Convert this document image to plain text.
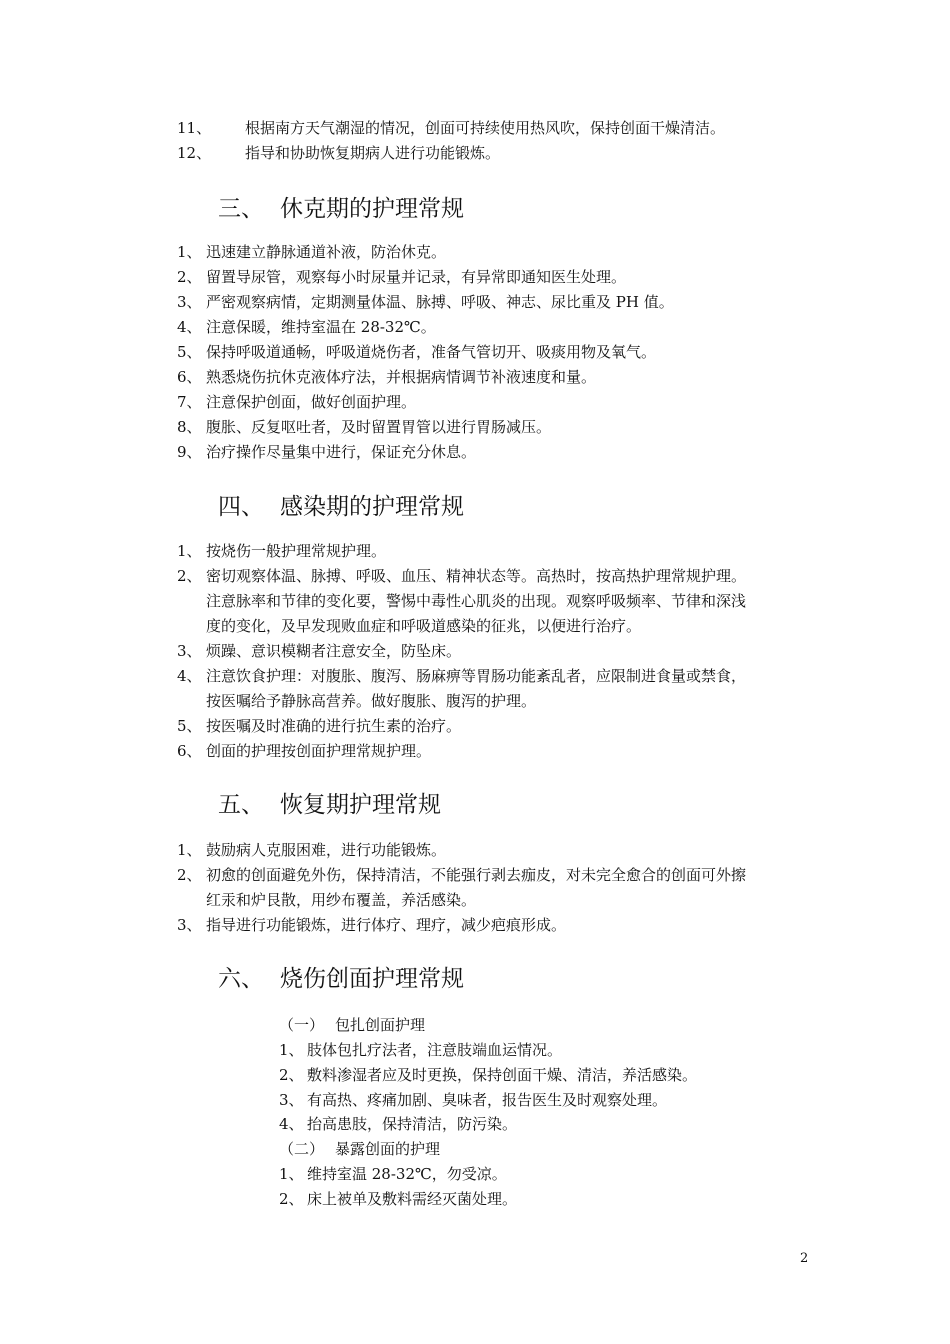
11、 根据南方天气潮湿的情况，创面可持续使用热风吹，保持创面干燥清洁。
12、 指导和协助恢复期病人进行功能锻炼。
三、 休克期的护理常规
1、 迅速建立静脉通道补液，防治休克。
2、 留置导尿管，观察每小时尿量并记录，有异常即通知医生处理。
3、 严密观察病情，定期测量体温、脉搏、呼吸、神志、尿比重及 PH 值。
4、 注意保暖，维持室温在 28-32℃。
5、 保持呼吸道通畅，呼吸道烧伤者，准备气管切开、吸痰用物及氧气。
6、 熟悉烧伤抗休克液体疗法，并根据病情调节补液速度和量。
7、 注意保护创面，做好创面护理。
8、 腹胀、反复呕吐者，及时留置胃管以进行胃肠减压。
9、 治疗操作尽量集中进行，保证充分休息。
四、 感染期的护理常规
1、 按烧伤一般护理常规护理。
2、 密切观察体温、脉搏、呼吸、血压、精神状态等。高热时，按高热护理常规护理。
注意脉率和节律的变化要，警惕中毒性心肌炎的出现。观察呼吸频率、节律和深浅
度的变化，及早发现败血症和呼吸道感染的征兆，以便进行治疗。
3、 烦躁、意识模糊者注意安全，防坠床。
4、 注意饮食护理：对腹胀、腹泻、肠麻痹等胃肠功能紊乱者，应限制进食量或禁食，
按医嘱给予静脉高营养。做好腹胀、腹泻的护理。
5、 按医嘱及时准确的进行抗生素的治疗。
6、 创面的护理按创面护理常规护理。
五、 恢复期护理常规
1、 鼓励病人克服困难，进行功能锻炼。
2、 初愈的创面避免外伤，保持清洁，不能强行剥去痂皮，对未完全愈合的创面可外擦
红汞和炉艮散，用纱布覆盖，养活感染。
3、 指导进行功能锻炼，进行体疗、理疗，减少疤痕形成。
六、 烧伤创面护理常规
（一） 包扎创面护理
1、 肢体包扎疗法者，注意肢端血运情况。
2、 敷料渗湿者应及时更换，保持创面干燥、清洁，养活感染。
3、 有高热、疼痛加剧、臭味者，报告医生及时观察处理。
4、 抬高患肢，保持清洁，防污染。
（二） 暴露创面的护理
1、 维持室温 28-32℃，勿受凉。
2、 床上被单及敷料需经灭菌处理。
2
